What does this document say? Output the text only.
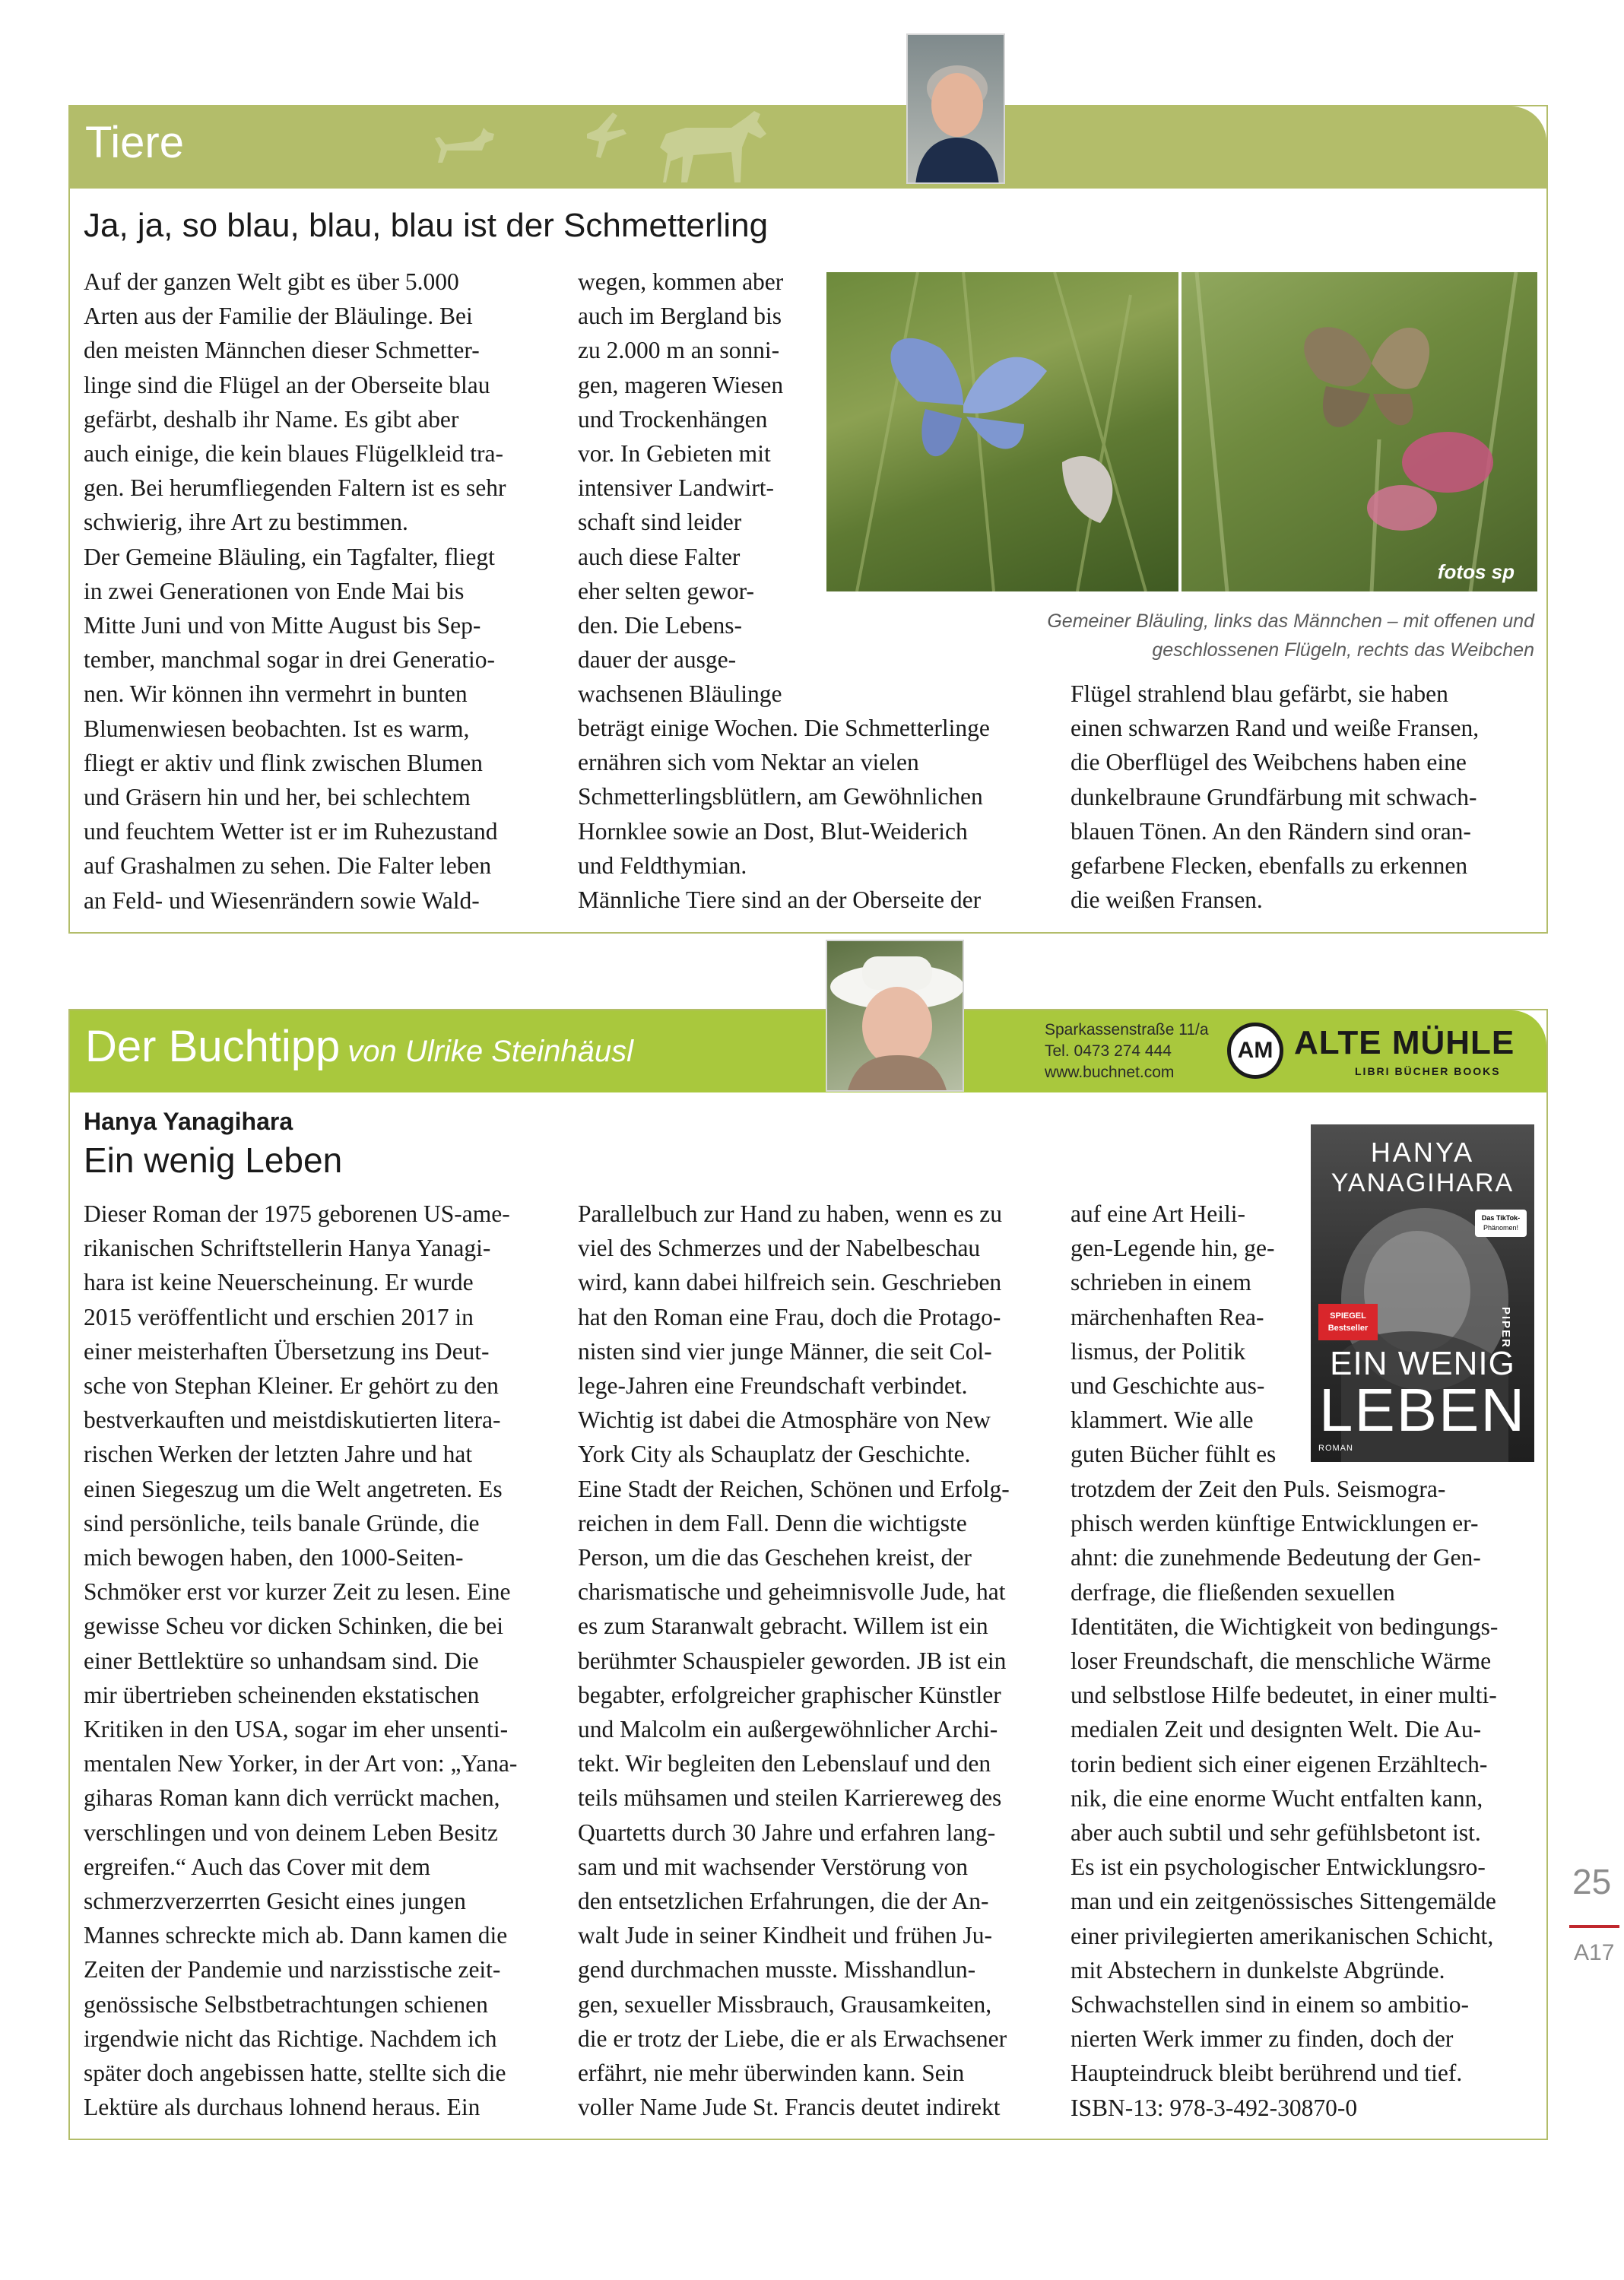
Tiere
Ja, ja, so blau, blau, blau ist der Schmetterling

Auf der ganzen Welt gibt es über 5.000
Arten aus der Familie der Bläulinge. Bei
den meisten Männchen dieser Schmetter-
linge sind die Flügel an der Oberseite blau
gefärbt, deshalb ihr Name. Es gibt aber
auch einige, die kein blaues Flügelkleid tra-
gen. Bei herumfliegenden Faltern ist es sehr
schwierig, ihre Art zu bestimmen.
Der Gemeine Bläuling, ein Tagfalter, fliegt
in zwei Generationen von Ende Mai bis
Mitte Juni und von Mitte August bis Sep-
tember, manchmal sogar in drei Generatio-
nen. Wir können ihn vermehrt in bunten
Blumenwiesen beobachten. Ist es warm,
fliegt er aktiv und flink zwischen Blumen
und Gräsern hin und her, bei schlechtem
und feuchtem Wetter ist er im Ruhezustand
auf Grashalmen zu sehen. Die Falter leben
an Feld- und Wiesenrändern sowie Wald-

wegen, kommen aber
auch im Bergland bis
zu 2.000 m an sonni-
gen, mageren Wiesen
und Trockenhängen
vor. In Gebieten mit
intensiver Landwirt-
schaft sind leider
auch diese Falter
eher selten gewor-
den. Die Lebens-
dauer der ausge-
wachsenen Bläulinge

beträgt einige Wochen. Die Schmetterlinge
ernähren sich vom Nektar an vielen
Schmetterlingsblütlern, am Gewöhnlichen
Hornklee sowie an Dost, Blut-Weiderich
und Feldthymian.
Männliche Tiere sind an der Oberseite der

Flügel strahlend blau gefärbt, sie haben
einen schwarzen Rand und weiße Fransen,
die Oberflügel des Weibchens haben eine
dunkelbraune Grundfärbung mit schwach-
blauen Tönen. An den Rändern sind oran-
gefarbene Flecken, ebenfalls zu erkennen
die weißen Fransen.

fotos sp
Gemeiner Bläuling, links das Männchen – mit offenen und
geschlossenen Flügeln, rechts das Weibchen
Der Buchtipp von Ulrike Steinhäusl
Sparkassenstraße 11/a
Tel. 0473 274 444
www.buchnet.com
AM ALTE MÜHLE
LIBRI BÜCHER BOOKS
Hanya Yanagihara
Ein wenig Leben

Dieser Roman der 1975 geborenen US-ame-
rikanischen Schriftstellerin Hanya Yanagi-
hara ist keine Neuerscheinung. Er wurde
2015 veröffentlicht und erschien 2017 in
einer meisterhaften Übersetzung ins Deut-
sche von Stephan Kleiner. Er gehört zu den
bestverkauften und meistdiskutierten litera-
rischen Werken der letzten Jahre und hat
einen Siegeszug um die Welt angetreten. Es
sind persönliche, teils banale Gründe, die
mich bewogen haben, den 1000-Seiten-
Schmöker erst vor kurzer Zeit zu lesen. Eine
gewisse Scheu vor dicken Schinken, die bei
einer Bettlektüre so unhandsam sind. Die
mir übertrieben scheinenden ekstatischen
Kritiken in den USA, sogar im eher unsenti-
mentalen New Yorker, in der Art von: „Yana-
giharas Roman kann dich verrückt machen,
verschlingen und von deinem Leben Besitz
ergreifen.“ Auch das Cover mit dem
schmerzverzerrten Gesicht eines jungen
Mannes schreckte mich ab. Dann kamen die
Zeiten der Pandemie und narzisstische zeit-
genössische Selbstbetrachtungen schienen
irgendwie nicht das Richtige. Nachdem ich
später doch angebissen hatte, stellte sich die
Lektüre als durchaus lohnend heraus. Ein

Parallelbuch zur Hand zu haben, wenn es zu
viel des Schmerzes und der Nabelbeschau
wird, kann dabei hilfreich sein. Geschrieben
hat den Roman eine Frau, doch die Protago-
nisten sind vier junge Männer, die seit Col-
lege-Jahren eine Freundschaft verbindet.
Wichtig ist dabei die Atmosphäre von New
York City als Schauplatz der Geschichte.
Eine Stadt der Reichen, Schönen und Erfolg-
reichen in dem Fall. Denn die wichtigste
Person, um die das Geschehen kreist, der
charismatische und geheimnisvolle Jude, hat
es zum Staranwalt gebracht. Willem ist ein
berühmter Schauspieler geworden. JB ist ein
begabter, erfolgreicher graphischer Künstler
und Malcolm ein außergewöhnlicher Archi-
tekt. Wir begleiten den Lebenslauf und den
teils mühsamen und steilen Karriereweg des
Quartetts durch 30 Jahre und erfahren lang-
sam und mit wachsender Verstörung von
den entsetzlichen Erfahrungen, die der An-
walt Jude in seiner Kindheit und frühen Ju-
gend durchmachen musste. Misshandlun-
gen, sexueller Missbrauch, Grausamkeiten,
die er trotz der Liebe, die er als Erwachsener
erfährt, nie mehr überwinden kann. Sein
voller Name Jude St. Francis deutet indirekt

auf eine Art Heili-
gen-Legende hin, ge-
schrieben in einem
märchenhaften Rea-
lismus, der Politik
und Geschichte aus-
klammert. Wie alle
guten Bücher fühlt es

trotzdem der Zeit den Puls. Seismogra-
phisch werden künftige Entwicklungen er-
ahnt: die zunehmende Bedeutung der Gen-
derfrage, die fließenden sexuellen
Identitäten, die Wichtigkeit von bedingungs-
loser Freundschaft, die menschliche Wärme
und selbstlose Hilfe bedeutet, in einer multi-
medialen Zeit und designten Welt. Die Au-
torin bedient sich einer eigenen Erzähltech-
nik, die eine enorme Wucht entfalten kann,
aber auch subtil und sehr gefühlsbetont ist.
Es ist ein psychologischer Entwicklungsro-
man und ein zeitgenössisches Sittengemälde
einer privilegierten amerikanischen Schicht,
mit Abstechern in dunkelste Abgründe.
Schwachstellen sind in einem so ambitio-
nierten Werk immer zu finden, doch der
Haupteindruck bleibt berührend und tief.
ISBN-13: 978-3-492-30870-0

HANYA
YANAGIHARA
Das TikTok-
Phänomen!
SPIEGEL
Bestseller	PIPER
EIN WENIG
LEBEN
ROMAN
25
A17
